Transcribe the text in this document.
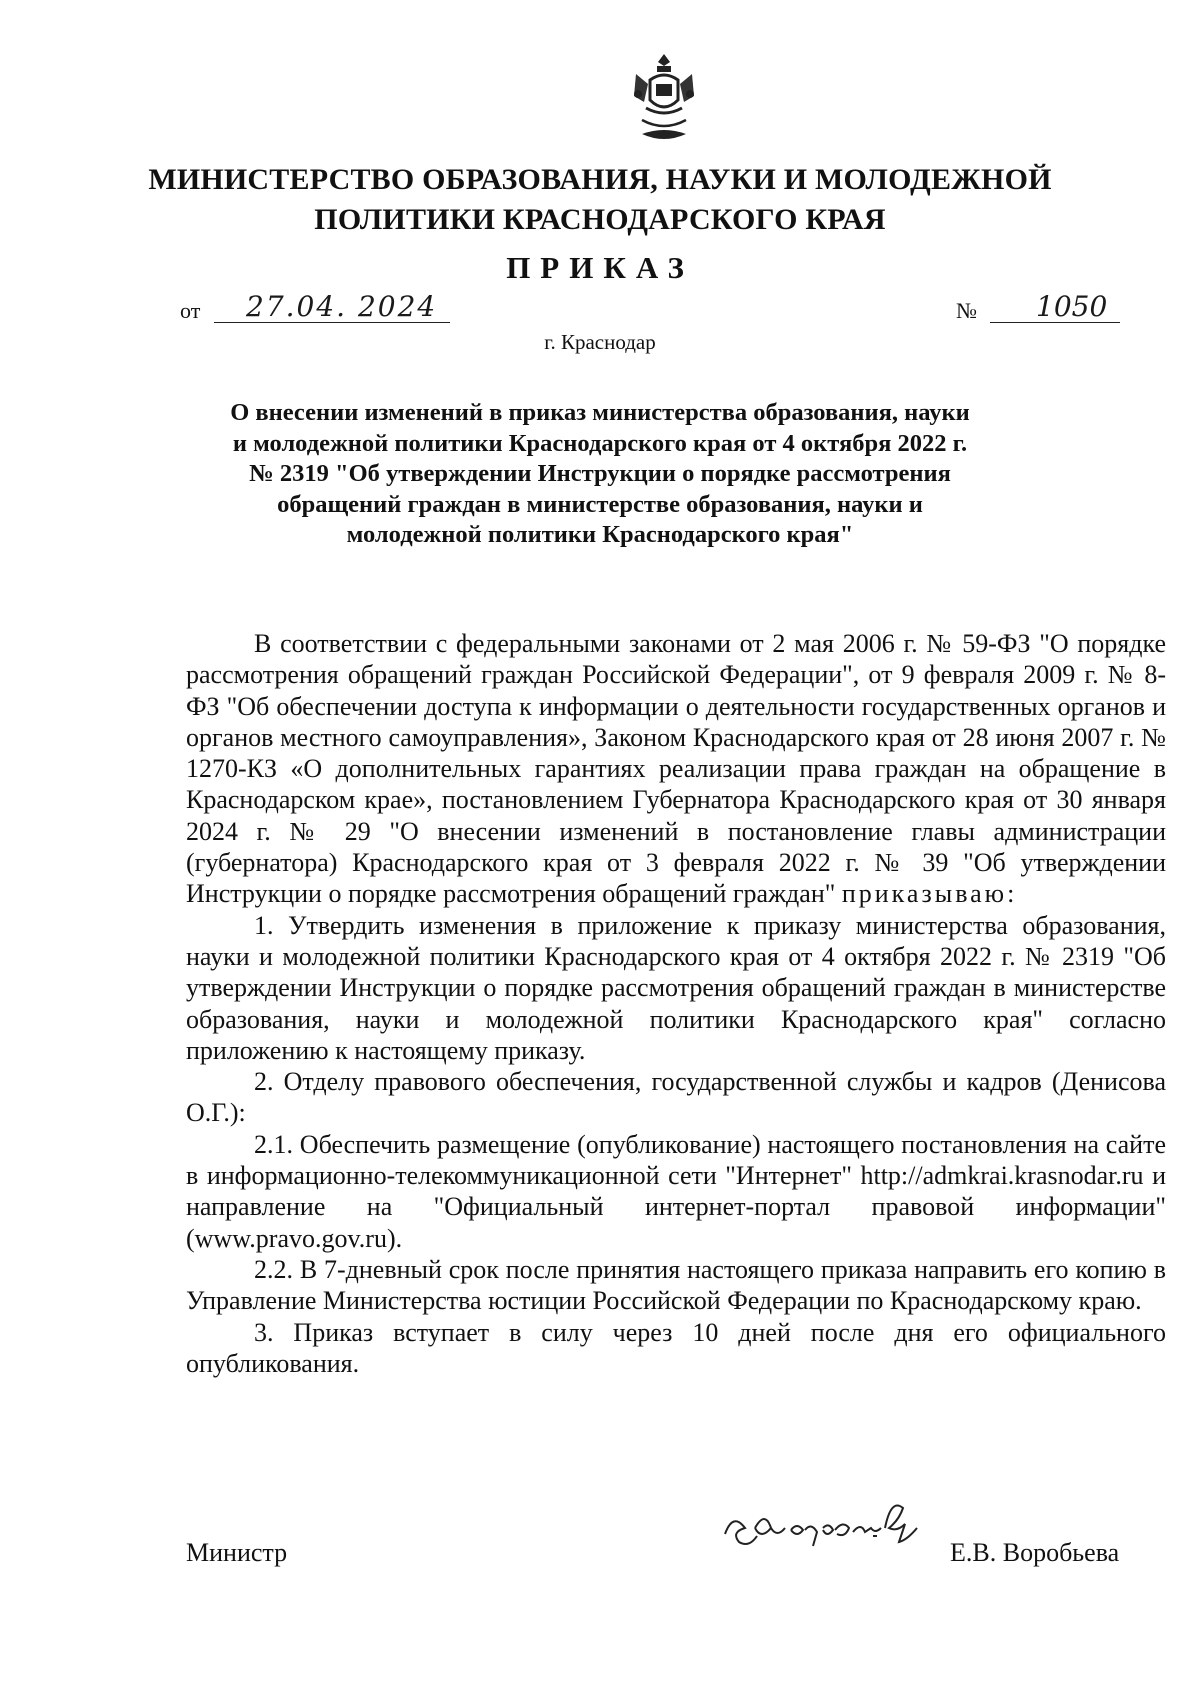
МИНИСТЕРСТВО ОБРАЗОВАНИЯ, НАУКИ И МОЛОДЕЖНОЙ ПОЛИТИКИ КРАСНОДАРСКОГО КРАЯ
ПРИКАЗ
от 27.04. 2024	№ 1050
г. Краснодар
О внесении изменений в приказ министерства образования, науки и молодежной политики Краснодарского края от 4 октября 2022 г. № 2319 "Об утверждении Инструкции о порядке рассмотрения обращений граждан в министерстве образования, науки и молодежной политики Краснодарского края"

В соответствии с федеральными законами от 2 мая 2006 г. № 59-ФЗ "О порядке рассмотрения обращений граждан Российской Федерации", от 9 февраля 2009 г. № 8-ФЗ "Об обеспечении доступа к информации о деятельности государственных органов и органов местного самоуправления», Законом Краснодарского края от 28 июня 2007 г. № 1270-КЗ «О дополнительных гарантиях реализации права граждан на обращение в Краснодарском крае», постановлением Губернатора Краснодарского края от 30 января 2024 г. № 29 "О внесении изменений в постановление главы администрации (губернатора) Краснодарского края от 3 февраля 2022 г. № 39 "Об утверждении Инструкции о порядке рассмотрения обращений граждан" приказываю:

1. Утвердить изменения в приложение к приказу министерства образования, науки и молодежной политики Краснодарского края от 4 октября 2022 г. № 2319 "Об утверждении Инструкции о порядке рассмотрения обращений граждан в министерстве образования, науки и молодежной политики Краснодарского края" согласно приложению к настоящему приказу.

2. Отделу правового обеспечения, государственной службы и кадров (Денисова О.Г.):

2.1. Обеспечить размещение (опубликование) настоящего постановления на сайте в информационно-телекоммуникационной сети "Интернет" http://admkrai.krasnodar.ru и направление на "Официальный интернет-портал правовой информации" (www.pravo.gov.ru).

2.2. В 7-дневный срок после принятия настоящего приказа направить его копию в Управление Министерства юстиции Российской Федерации по Краснодарскому краю.

3. Приказ вступает в силу через 10 дней после дня его официального опубликования.

Министр	Е.В. Воробьева
